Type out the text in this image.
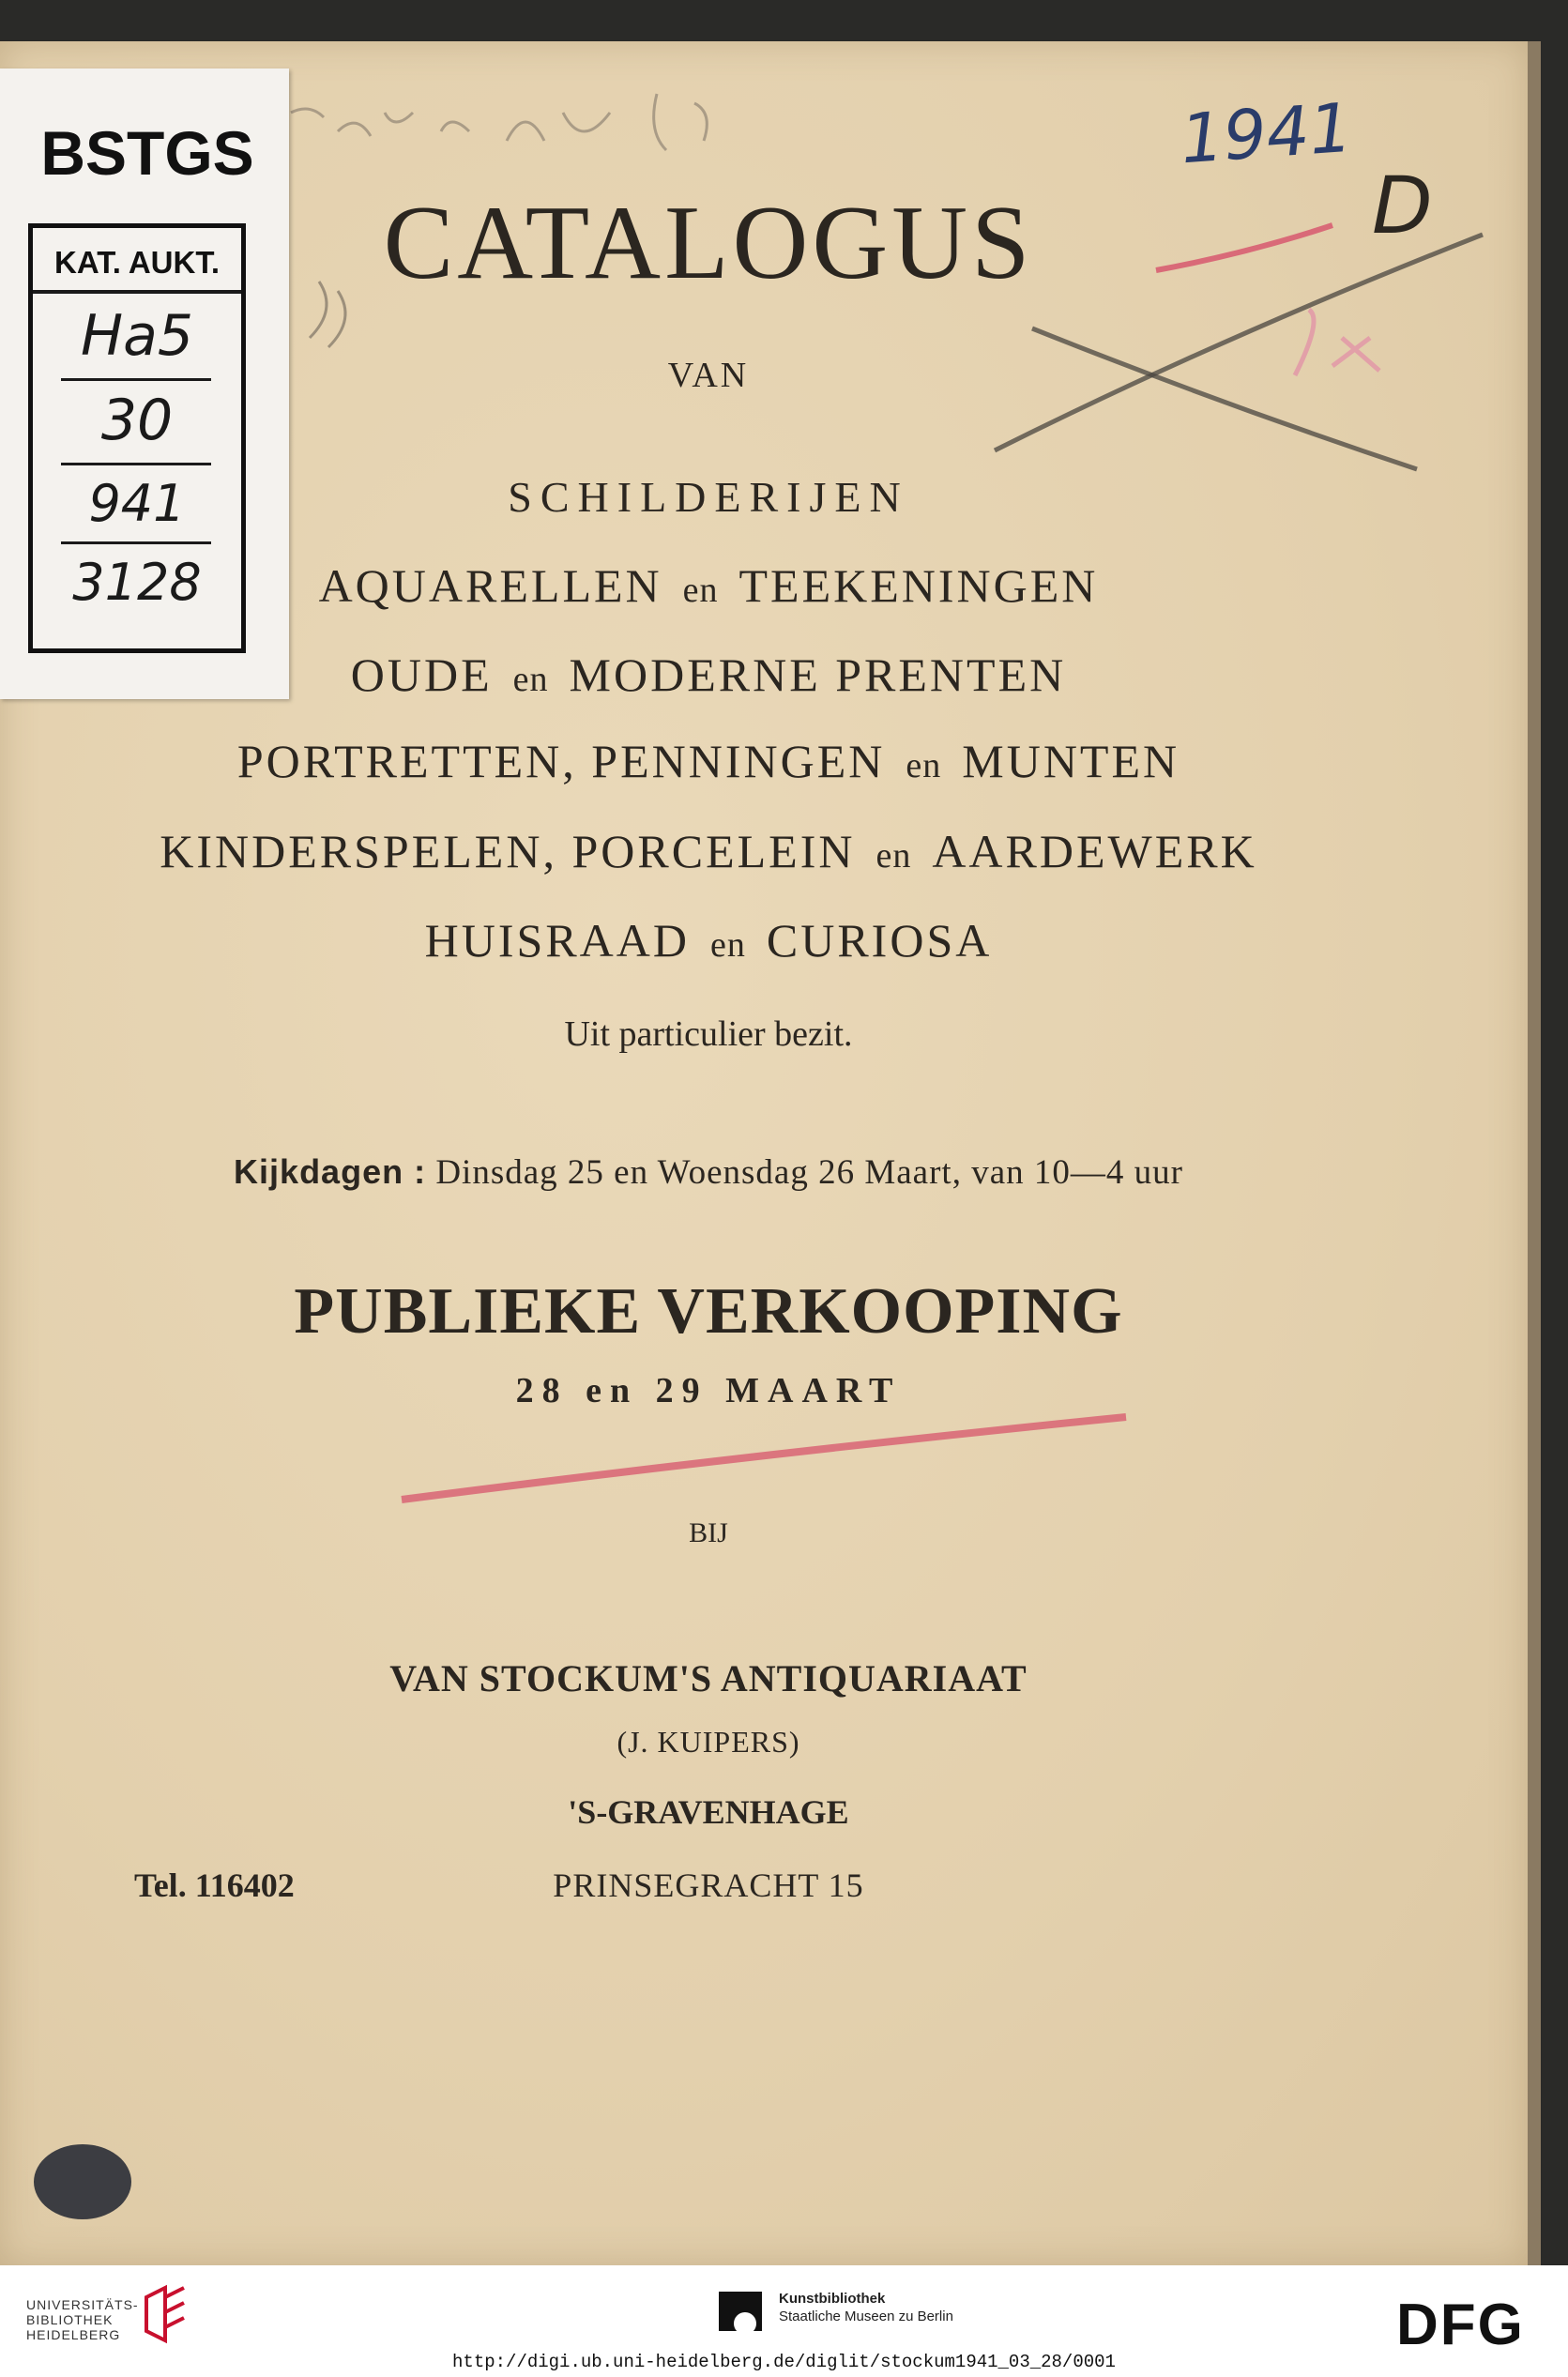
CATALOGUS
VAN
SCHILDERIJEN
AQUARELLEN en TEEKENINGEN
OUDE en MODERNE PRENTEN
PORTRETTEN, PENNINGEN en MUNTEN
KINDERSPELEN, PORCELEIN en AARDEWERK
HUISRAAD en CURIOSA
Uit particulier bezit.
Kijkdagen : Dinsdag 25 en Woensdag 26 Maart, van 10—4 uur
PUBLIEKE VERKOOPING
28 en 29 MAART
BIJ
VAN STOCKUM'S ANTIQUARIAAT
(J. KUIPERS)
'S-GRAVENHAGE
PRINSEGRACHT 15
Tel. 116402
1941
D
BSTGS
KAT. AUKT.
Ha5
30
941
3128
UNIVERSITÄTS-
BIBLIOTHEK
HEIDELBERG
Kunstbibliothek
Staatliche Museen zu Berlin	DFG
http://digi.ub.uni-heidelberg.de/diglit/stockum1941_03_28/0001
